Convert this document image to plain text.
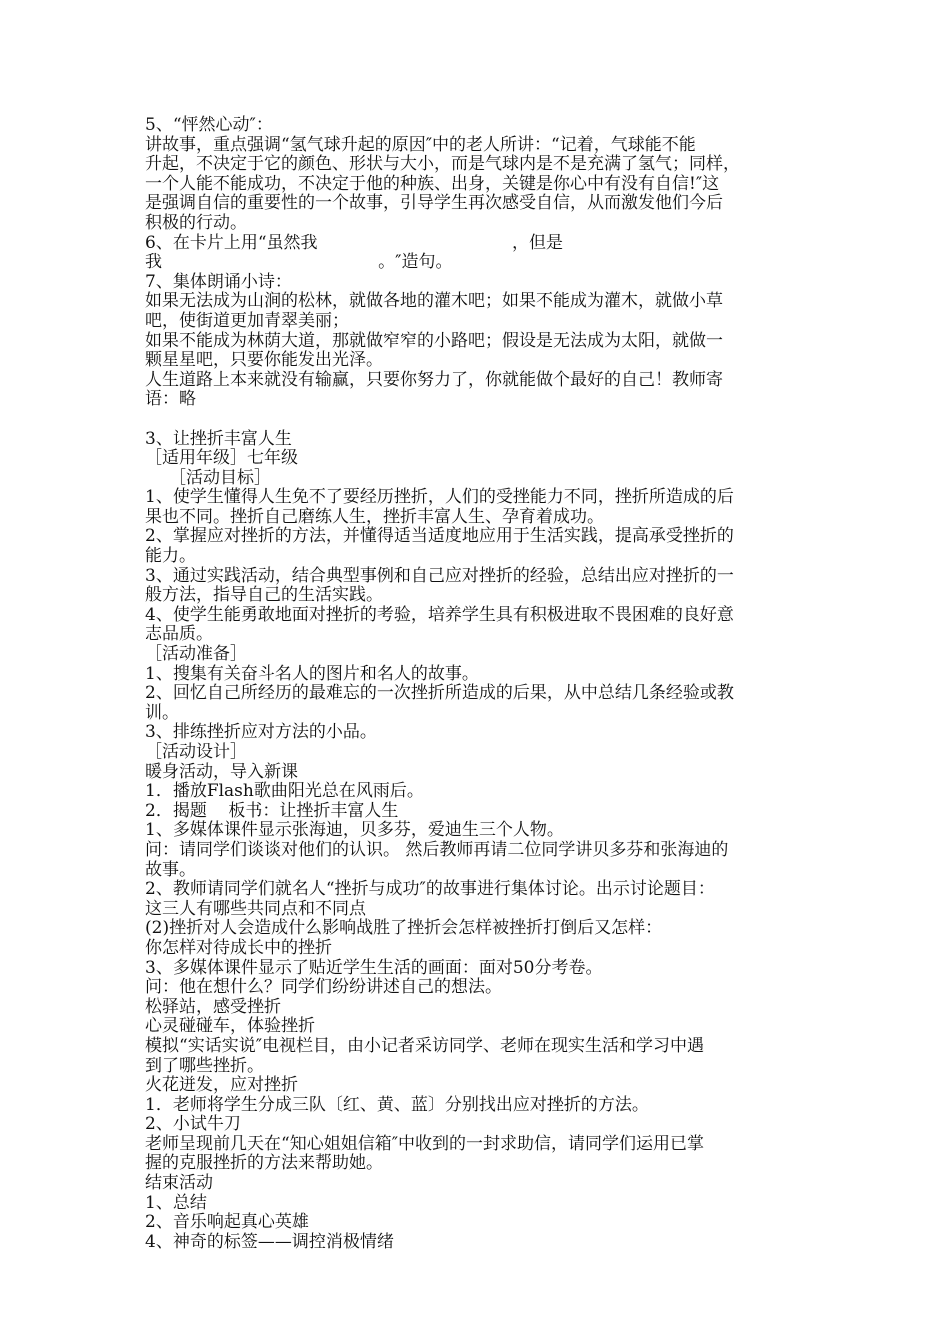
5、“怦然心动″：
讲故事，重点强调“氢气球升起的原因″中的老人所讲：“记着，气球能不能
升起，不决定于它的颜色、形状与大小，而是气球内是不是充满了氢气；同样，
一个人能不能成功，不决定于他的种族、出身，关键是你心中有没有自信!″这
是强调自信的重要性的一个故事，引导学生再次感受自信，从而激发他们今后
积极的行动。
6、在卡片上用“虽然我                                    ，但是
我                                        。″造句。
7、集体朗诵小诗：
如果无法成为山涧的松林，就做各地的灌木吧；如果不能成为灌木，就做小草
吧，使街道更加青翠美丽；
如果不能成为林荫大道，那就做窄窄的小路吧；假设是无法成为太阳，就做一
颗星星吧，只要你能发出光泽。
人生道路上本来就没有输赢，只要你努力了，你就能做个最好的自己！教师寄
语：略
3、让挫折丰富人生
［适用年级］七年级
［活动目标］
1、使学生懂得人生免不了要经历挫折，人们的受挫能力不同，挫折所造成的后
果也不同。挫折自己磨练人生，挫折丰富人生、孕育着成功。
2、掌握应对挫折的方法，并懂得适当适度地应用于生活实践，提高承受挫折的
能力。
3、通过实践活动，结合典型事例和自己应对挫折的经验，总结出应对挫折的一
般方法，指导自己的生活实践。
4、使学生能勇敢地面对挫折的考验，培养学生具有积极进取不畏困难的良好意
志品质。
［活动准备］
1、搜集有关奋斗名人的图片和名人的故事。
2、回忆自己所经历的最难忘的一次挫折所造成的后果，从中总结几条经验或教
训。
3、排练挫折应对方法的小品。
［活动设计］
暖身活动，导入新课
1．播放Flash歌曲阳光总在风雨后。
2．揭题    板书：让挫折丰富人生
1、多媒体课件显示张海迪，贝多芬，爱迪生三个人物。
问：请同学们谈谈对他们的认识。 然后教师再请二位同学讲贝多芬和张海迪的
故事。
2、教师请同学们就名人“挫折与成功″的故事进行集体讨论。出示讨论题目：
这三人有哪些共同点和不同点
(2)挫折对人会造成什么影响战胜了挫折会怎样被挫折打倒后又怎样：
你怎样对待成长中的挫折
3、多媒体课件显示了贴近学生生活的画面：面对50分考卷。
问：他在想什么？同学们纷纷讲述自己的想法。
松驿站，感受挫折
心灵碰碰车，体验挫折
模拟“实话实说″电视栏目，由小记者采访同学、老师在现实生活和学习中遇
到了哪些挫折。
火花迸发，应对挫折
1．老师将学生分成三队〔红、黄、蓝〕分别找出应对挫折的方法。
2、小试牛刀
老师呈现前几天在“知心姐姐信箱″中收到的一封求助信，请同学们运用已掌
握的克服挫折的方法来帮助她。
结束活动
1、总结
2、音乐响起真心英雄
4、神奇的标签——调控消极情绪
